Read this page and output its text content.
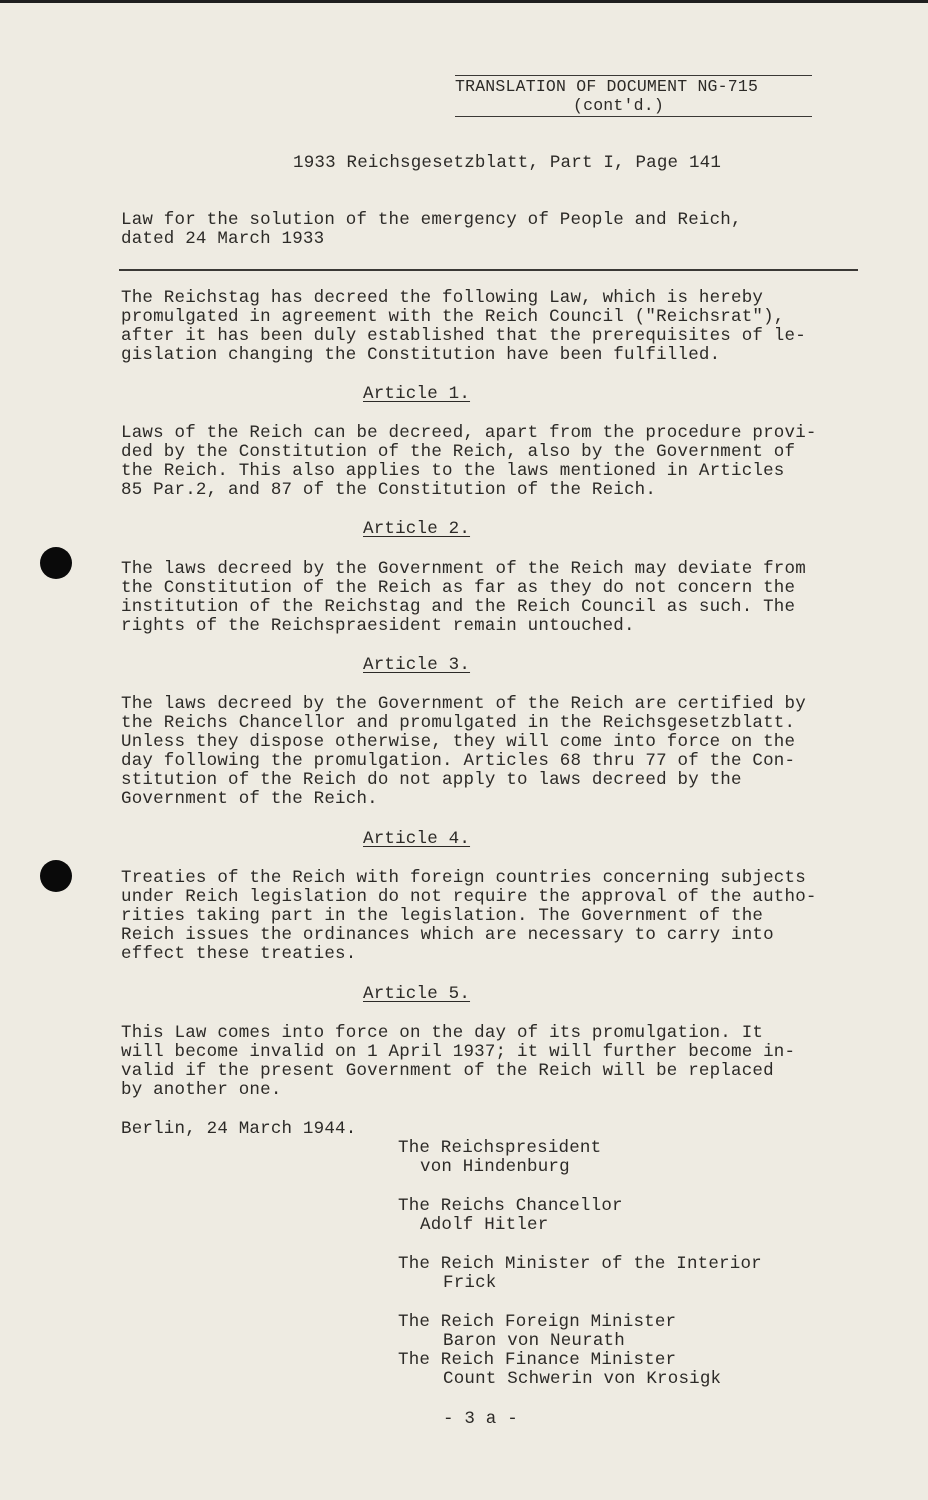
TRANSLATION OF DOCUMENT NG-715

(cont'd.)

1933 Reichsgesetzblatt, Part I, Page 141

Law for the solution of the emergency of People and Reich,

dated 24 March 1933

The Reichstag has decreed the following Law, which is hereby

promulgated in agreement with the Reich Council ("Reichsrat"),

after it has been duly established that the prerequisites of le-

gislation changing the Constitution have been fulfilled.

Article 1.

Laws of the Reich can be decreed, apart from the procedure provi-

ded by the Constitution of the Reich, also by the Government of

the Reich. This also applies to the laws mentioned in Articles

85 Par.2, and 87 of the Constitution of the Reich.

Article 2.

The laws decreed by the Government of the Reich may deviate from

the Constitution of the Reich as far as they do not concern the

institution of the Reichstag and the Reich Council as such. The

rights of the Reichspraesident remain untouched.

Article 3.

The laws decreed by the Government of the Reich are certified by

the Reichs Chancellor and promulgated in the Reichsgesetzblatt.

Unless they dispose otherwise, they will come into force on the

day following the promulgation. Articles 68 thru 77 of the Con-

stitution of the Reich do not apply to laws decreed by the

Government of the Reich.

Article 4.

Treaties of the Reich with foreign countries concerning subjects

under Reich legislation do not require the approval of the autho-

rities taking part in the legislation. The Government of the

Reich issues the ordinances which are necessary to carry into

effect these treaties.

Article 5.

This Law comes into force on the day of its promulgation. It

will become invalid on 1 April 1937; it will further become in-

valid if the present Government of the Reich will be replaced

by another one.

Berlin, 24 March 1944.

The Reichspresident

von Hindenburg

The Reichs Chancellor

Adolf Hitler

The Reich Minister of the Interior

Frick

The Reich Foreign Minister

Baron von Neurath

The Reich Finance Minister

Count Schwerin von Krosigk

- 3 a -
